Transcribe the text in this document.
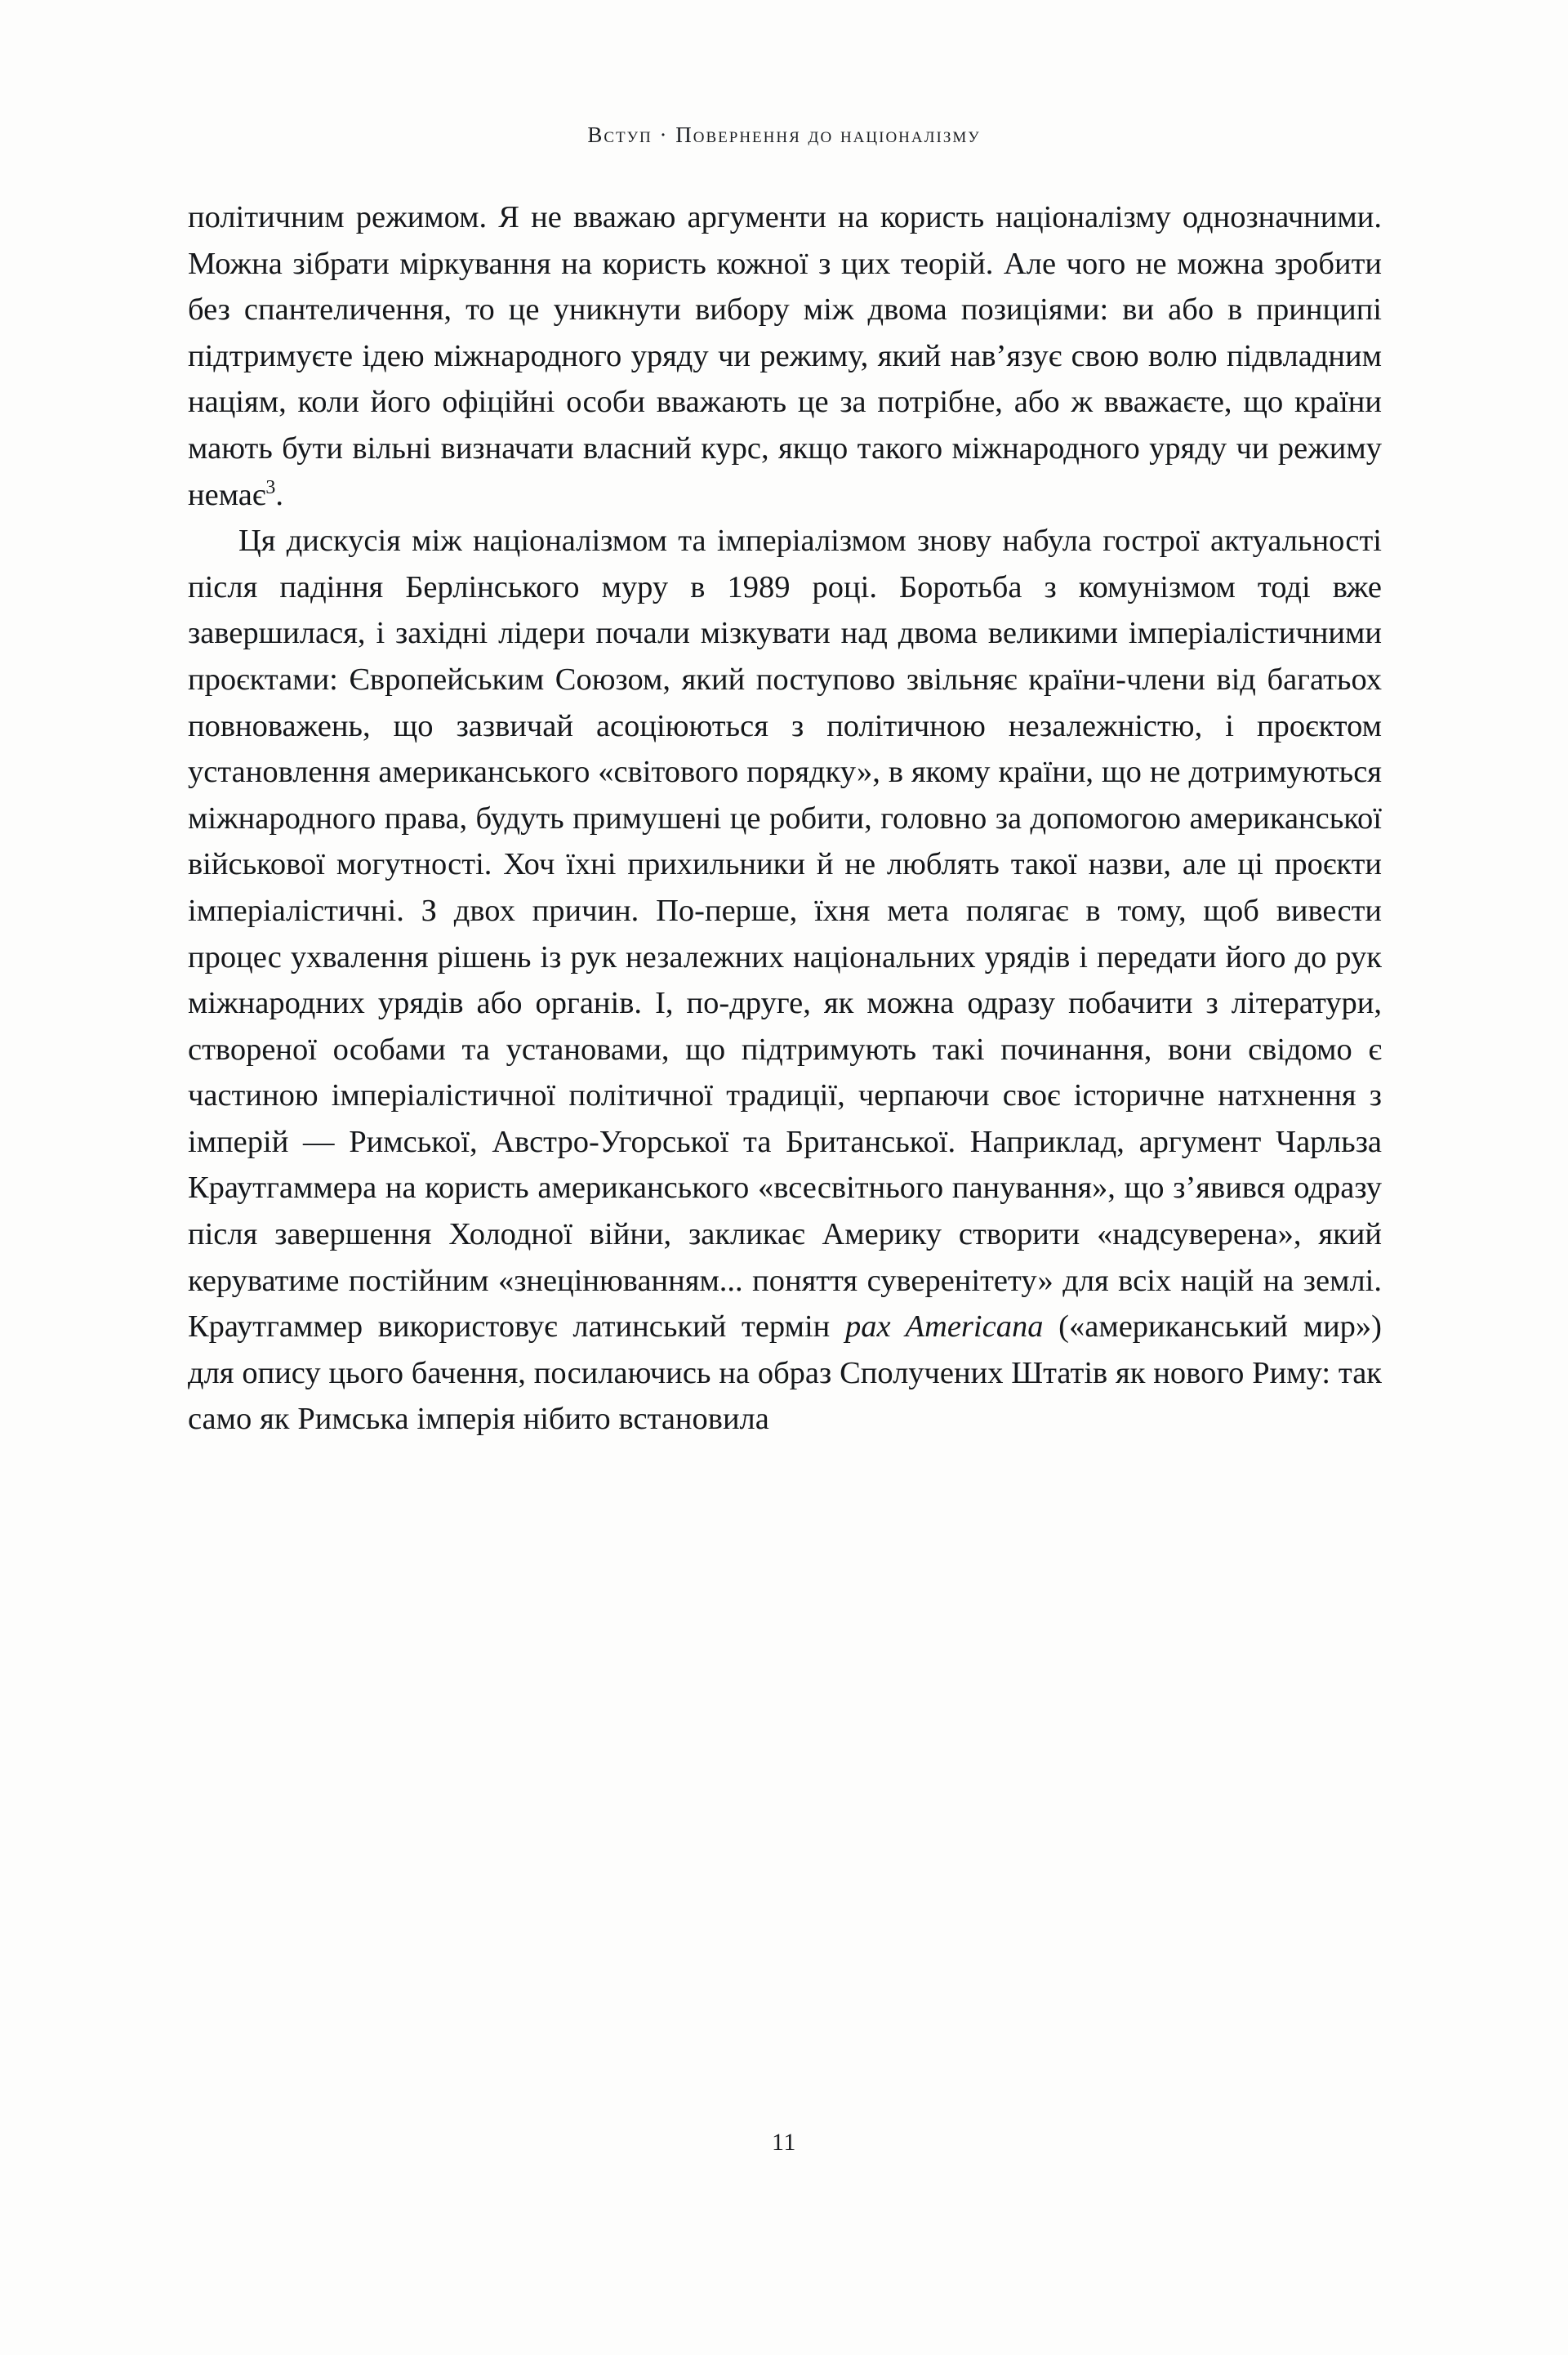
Вступ · Повернення до націоналізму

політичним режимом. Я не вважаю аргументи на користь націоналізму однозначними. Можна зібрати міркування на користь кожної з цих теорій. Але чого не можна зробити без спантеличення, то це уникнути вибору між двома позиціями: ви або в принципі підтримуєте ідею міжнародного уряду чи режиму, який нав’язує свою волю підвладним націям, коли його офіційні особи вважають це за потрібне, або ж вважаєте, що країни мають бути вільні визначати власний курс, якщо такого міжнародного уряду чи режиму немає$^3$.

Ця дискусія між націоналізмом та імперіалізмом знову набула гострої актуальності після падіння Берлінського муру в 1989 році. Боротьба з комунізмом тоді вже завершилася, і західні лідери почали мізкувати над двома великими імперіалістичними проєктами: Європейським Союзом, який поступово звільняє країни-члени від багатьох повноважень, що зазвичай асоціюються з політичною незалежністю, і проєктом установлення американського «світового порядку», в якому країни, що не дотримуються міжнародного права, будуть примушені це робити, головно за допомогою американської військової могутності. Хоч їхні прихильники й не люблять такої назви, але ці проєкти імперіалістичні. З двох причин. По-перше, їхня мета полягає в тому, щоб вивести процес ухвалення рішень із рук незалежних національних урядів і передати його до рук міжнародних урядів або органів. І, по-друге, як можна одразу побачити з літератури, створеної особами та установами, що підтримують такі починання, вони свідомо є частиною імперіалістичної політичної традиції, черпаючи своє історичне натхнення з імперій — Римської, Австро-Угорської та Британської. Наприклад, аргумент Чарльза Краутгаммера на користь американського «всесвітнього панування», що з’явився одразу після завершення Холодної війни, закликає Америку створити «надсуверена», який керуватиме постійним «знецінюванням... поняття суверенітету» для всіх націй на землі. Краутгаммер використовує латинський термін pax Americana («американський мир») для опису цього бачення, посилаючись на образ Сполучених Штатів як нового Риму: так само як Римська імперія нібито встановила

11
